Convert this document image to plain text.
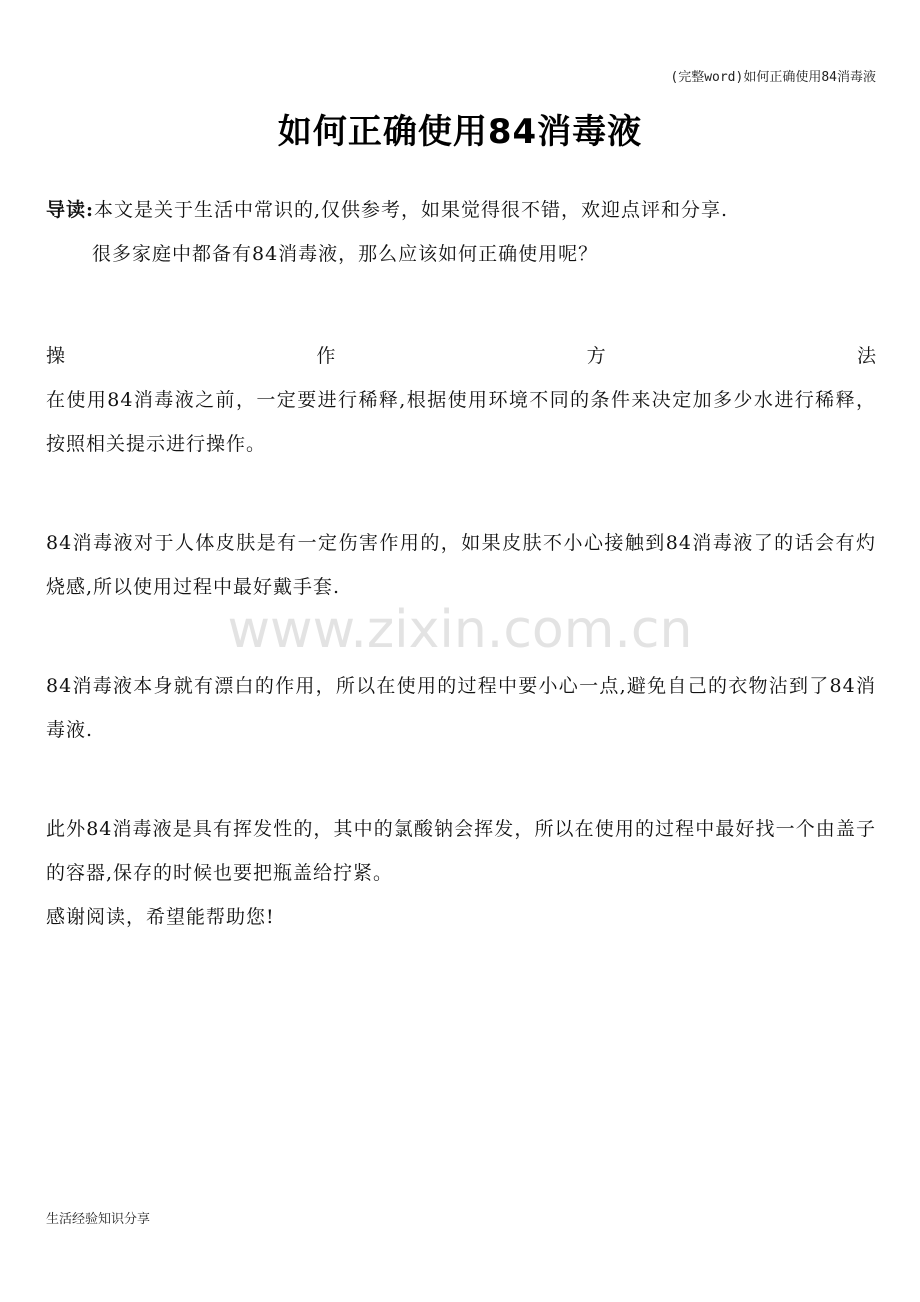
(完整word)如何正确使用84消毒液
如何正确使用84消毒液
www.zixin.com.cn

导读:本文是关于生活中常识的,仅供参考，如果觉得很不错，欢迎点评和分享.

很多家庭中都备有84消毒液，那么应该如何正确使用呢？

操	作	方	法

在使用84消毒液之前，一定要进行稀释,根据使用环境不同的条件来决定加多少水进行稀释，按照相关提示进行操作。

84消毒液对于人体皮肤是有一定伤害作用的，如果皮肤不小心接触到84消毒液了的话会有灼烧感,所以使用过程中最好戴手套.

84消毒液本身就有漂白的作用，所以在使用的过程中要小心一点,避免自己的衣物沾到了84消毒液.

此外84消毒液是具有挥发性的，其中的氯酸钠会挥发，所以在使用的过程中最好找一个由盖子的容器,保存的时候也要把瓶盖给拧紧。

感谢阅读，希望能帮助您!

生活经验知识分享
